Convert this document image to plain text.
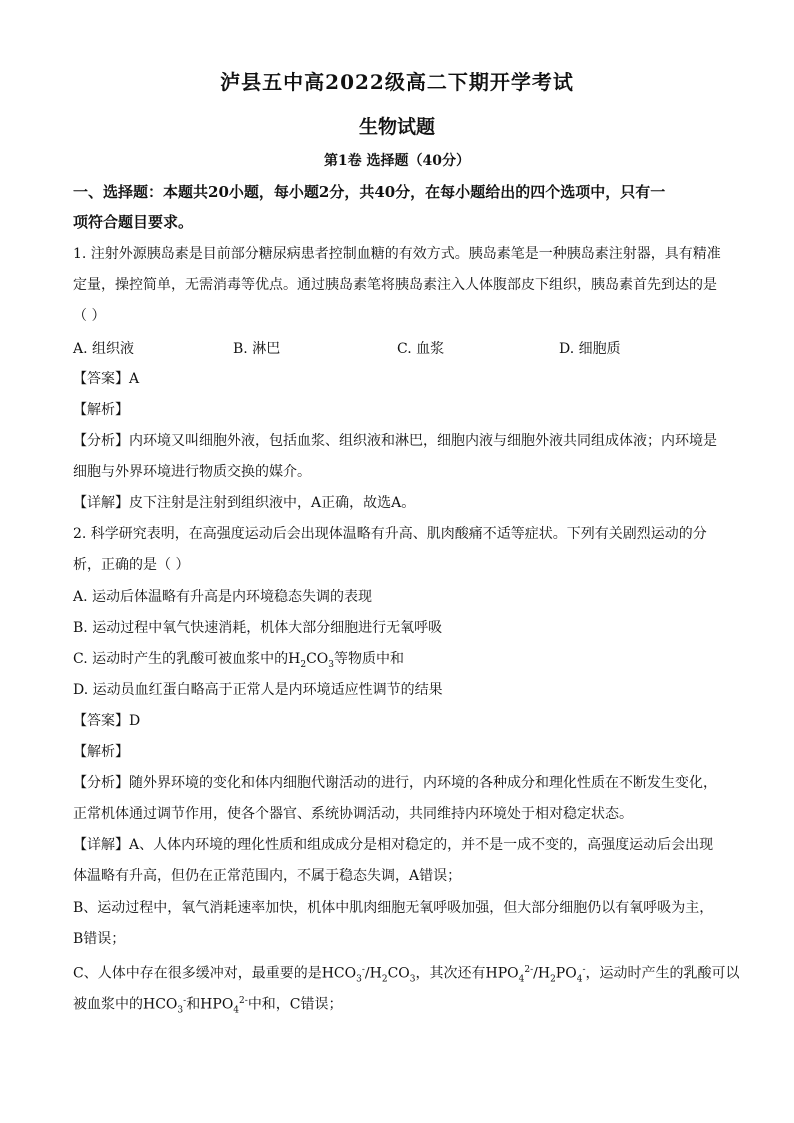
泸县五中高2022级高二下期开学考试
生物试题
第1卷 选择题（40分）
一、选择题：本题共20小题，每小题2分，共40分，在每小题给出的四个选项中，只有一
项符合题目要求。
1. 注射外源胰岛素是目前部分糖尿病患者控制血糖的有效方式。胰岛素笔是一种胰岛素注射器，具有精准
定量，操控简单，无需消毒等优点。通过胰岛素笔将胰岛素注入人体腹部皮下组织，胰岛素首先到达的是
（ ）
A. 组织液	B. 淋巴	C. 血浆	D. 细胞质
【答案】A
【解析】
【分析】内环境又叫细胞外液，包括血浆、组织液和淋巴，细胞内液与细胞外液共同组成体液；内环境是
细胞与外界环境进行物质交换的媒介。
【详解】皮下注射是注射到组织液中，A正确，故选A。
2. 科学研究表明，在高强度运动后会出现体温略有升高、肌肉酸痛不适等症状。下列有关剧烈运动的分
析，正确的是（ ）
A. 运动后体温略有升高是内环境稳态失调的表现
B. 运动过程中氧气快速消耗，机体大部分细胞进行无氧呼吸
C. 运动时产生的乳酸可被血浆中的$H_2CO_3$等物质中和
D. 运动员血红蛋白略高于正常人是内环境适应性调节的结果
【答案】D
【解析】
【分析】随外界环境的变化和体内细胞代谢活动的进行，内环境的各种成分和理化性质在不断发生变化，
正常机体通过调节作用，使各个器官、系统协调活动，共同维持内环境处于相对稳定状态。
【详解】A、人体内环境的理化性质和组成成分是相对稳定的，并不是一成不变的，高强度运动后会出现
体温略有升高，但仍在正常范围内，不属于稳态失调，A错误；
B、运动过程中，氧气消耗速率加快，机体中肌肉细胞无氧呼吸加强，但大部分细胞仍以有氧呼吸为主，
B错误；
C、人体中存在很多缓冲对，最重要的是$HCO_3^-/H_2CO_3$，其次还有$HPO_4^{2-}/H_2PO_4^-$，运动时产生的乳酸可以
被血浆中的$HCO_3^-$和$HPO_4^{2-}$中和，C错误；
